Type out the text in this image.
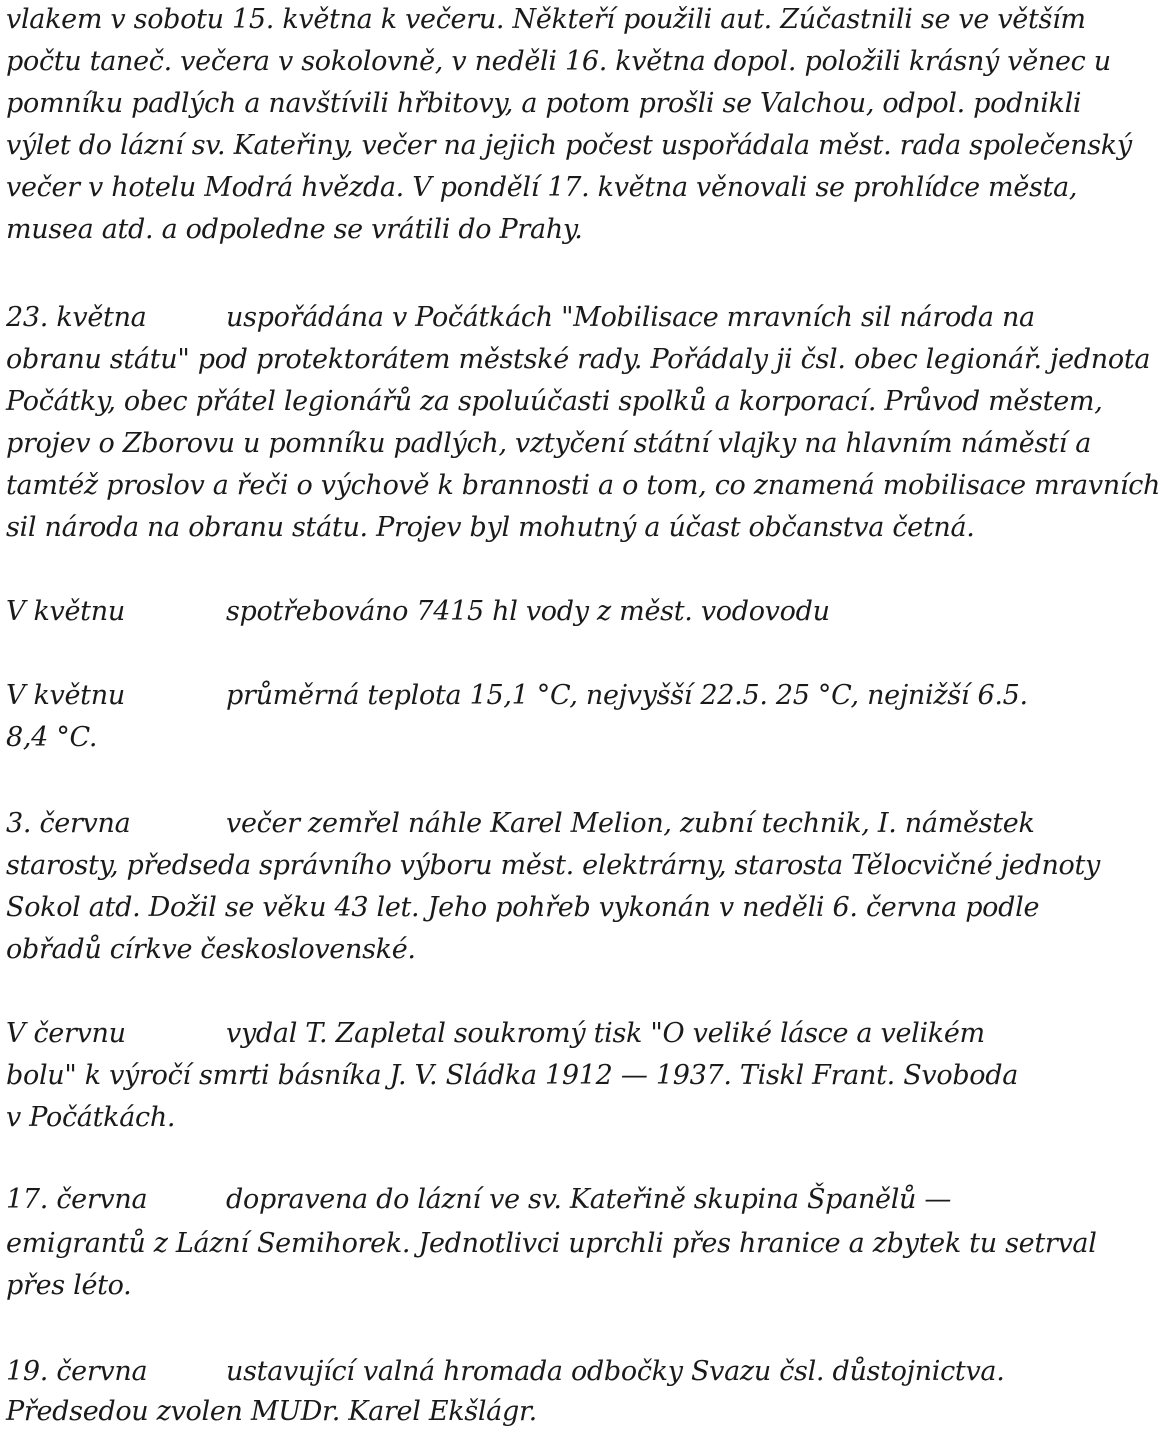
vlakem v sobotu 15. května k večeru. Někteří použili aut. Zúčastnili se ve větším
počtu taneč. večera v sokolovně, v neděli 16. května dopol. položili krásný věnec u
pomníku padlých a navštívili hřbitovy, a potom prošli se Valchou, odpol. podnikli
výlet do lázní sv. Kateřiny, večer na jejich počest uspořádala měst. rada společenský
večer v hotelu Modrá hvězda. V pondělí 17. května věnovali se prohlídce města,
musea atd. a odpoledne se vrátili do Prahy.
23. května	uspořádána v Počátkách "Mobilisace mravních sil národa na
obranu státu" pod protektorátem městské rady. Pořádaly ji čsl. obec legionář. jednota
Počátky, obec přátel legionářů za spoluúčasti spolků a korporací. Průvod městem,
projev o Zborovu u pomníku padlých, vztyčení státní vlajky na hlavním náměstí a
tamtéž proslov a řeči o výchově k brannosti a o tom, co znamená mobilisace mravních
sil národa na obranu státu. Projev byl mohutný a účast občanstva četná.
V květnu	spotřebováno 7415 hl vody z měst. vodovodu
V květnu	průměrná teplota 15,1 °C, nejvyšší 22.5. 25 °C, nejnižší 6.5.
8,4 °C.
3. června	večer zemřel náhle Karel Melion, zubní technik, I. náměstek
starosty, předseda správního výboru měst. elektrárny, starosta Tělocvičné jednoty
Sokol atd. Dožil se věku 43 let. Jeho pohřeb vykonán v neděli 6. června podle
obřadů církve československé.
V červnu	vydal T. Zapletal soukromý tisk "O veliké lásce a velikém
bolu" k výročí smrti básníka J. V. Sládka 1912 — 1937. Tiskl Frant. Svoboda
v Počátkách.
17. června	dopravena do lázní ve sv. Kateřině skupina Španělů —
emigrantů z Lázní Semihorek. Jednotlivci uprchli přes hranice a zbytek tu setrval
přes léto.
19. června	ustavující valná hromada odbočky Svazu čsl. důstojnictva.
Předsedou zvolen MUDr. Karel Ekšlágr.
